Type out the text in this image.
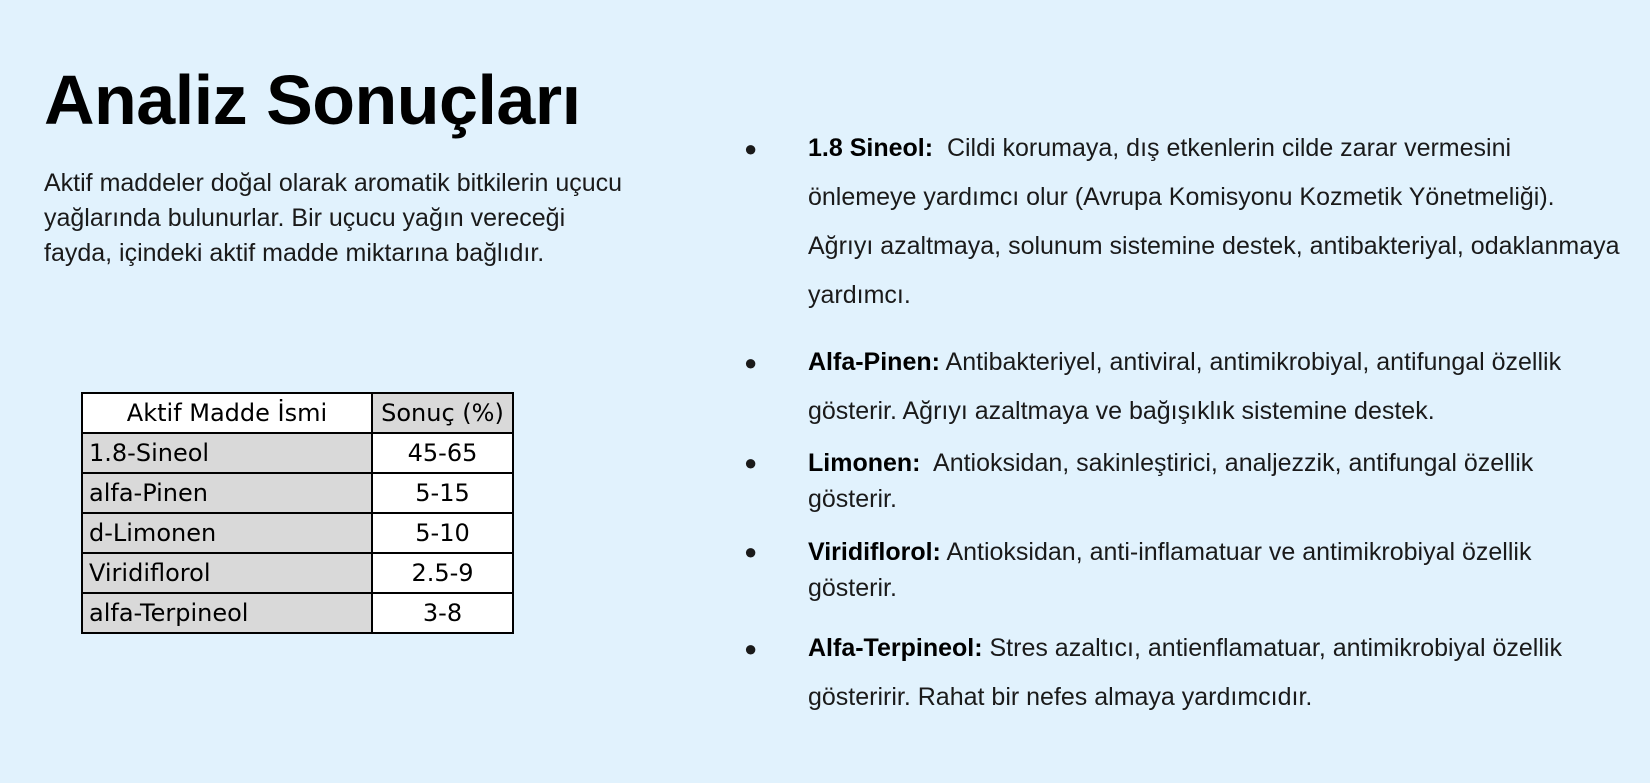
Analiz Sonuçları

Aktif maddeler doğal olarak aromatik bitkilerin uçucu yağlarında bulunurlar. Bir uçucu yağın vereceği fayda, içindeki aktif madde miktarına bağlıdır.

Aktif Madde İsmi	Sonuç (%)
1.8-Sineol	45-65
alfa-Pinen	5-15
d-Limonen	5-10
Viridiflorol	2.5-9
alfa-Terpineol	3-8
● 1.8 Sineol: Cildi korumaya, dış etkenlerin cilde zarar vermesini önlemeye yardımcı olur (Avrupa Komisyonu Kozmetik Yönetmeliği). Ağrıyı azaltmaya, solunum sistemine destek, antibakteriyal, odaklanmaya yardımcı.
● Alfa-Pinen: Antibakteriyel, antiviral, antimikrobiyal, antifungal özellik gösterir. Ağrıyı azaltmaya ve bağışıklık sistemine destek.
● Limonen: Antioksidan, sakinleştirici, analjezzik, antifungal özellik gösterir.
● Viridiflorol: Antioksidan, anti-inflamatuar ve antimikrobiyal özellik gösterir.
● Alfa-Terpineol: Stres azaltıcı, antienflamatuar, antimikrobiyal özellik gösteririr. Rahat bir nefes almaya yardımcıdır.
